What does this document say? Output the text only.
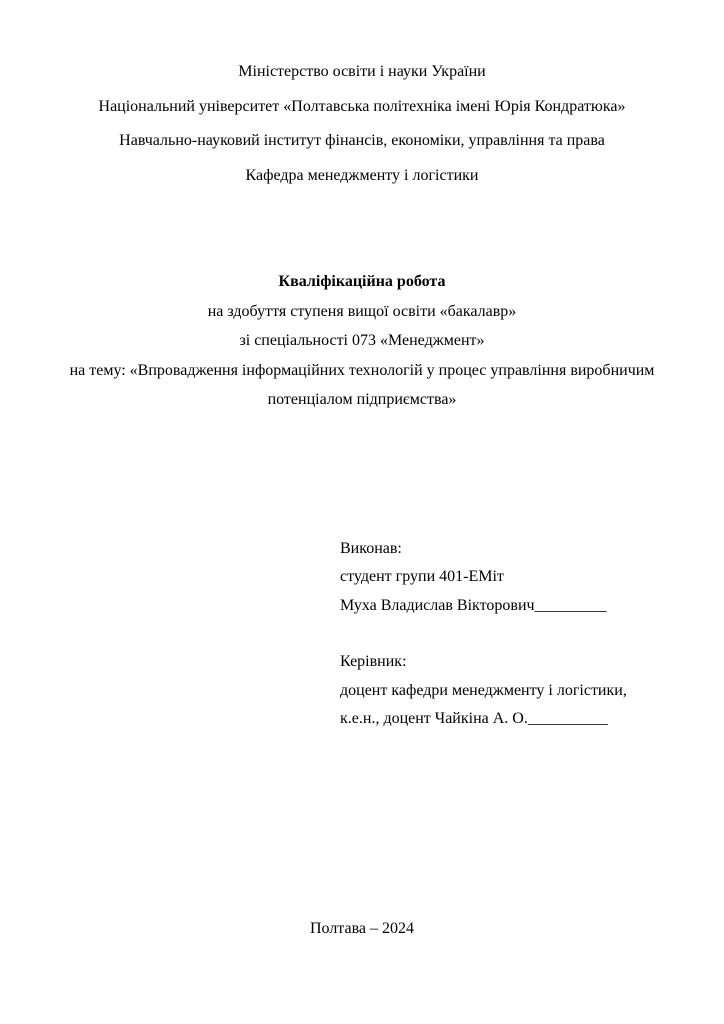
Міністерство освіти і науки України

Національний університет «Полтавська політехніка імені Юрія Кондратюка»

Навчально-науковий інститут фінансів, економіки, управління та права

Кафедра менеджменту і логістики

Кваліфікаційна робота

на здобуття ступеня вищої освіти «бакалавр»

зі спеціальності 073 «Менеджмент»

на тему: «Впровадження інформаційних технологій у процес управління виробничим потенціалом підприємства»

Виконав:

студент групи 401-ЕМіт

Муха Владислав Вікторович_________

Керівник:

доцент кафедри менеджменту і логістики,

к.е.н., доцент Чайкіна А. О.__________

Полтава – 2024
